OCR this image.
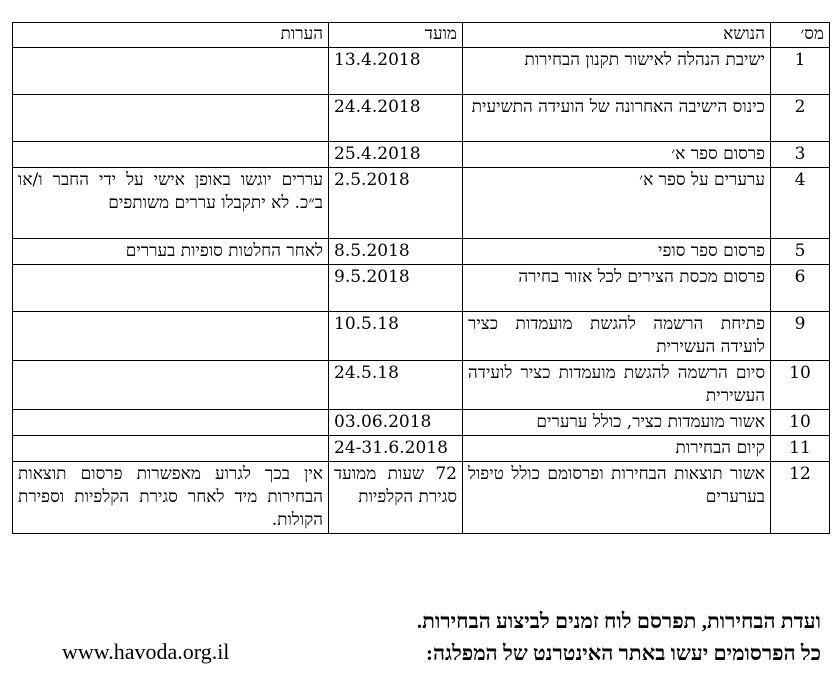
מס׳	הנושא	מועד	הערות
1	ישיבת הנהלה לאישור תקנון הבחירות	13.4.2018	
2	כינוס הישיבה האחרונה של הועידה התשיעית	24.4.2018	
3	פרסום ספר א׳	25.4.2018	
4	ערערים על ספר א׳	2.5.2018	עררים יוגשו באופן אישי על ידי החבר ו/או ב״כ. לא יתקבלו עררים משותפים
5	פרסום ספר סופי	8.5.2018	לאחר החלטות סופיות בעררים
6	פרסום מכסת הצירים לכל אזור בחירה	9.5.2018	
9	פתיחת הרשמה להגשת מועמדות כציר לועידה העשירית	10.5.18	
10	סיום הרשמה להגשת מועמדות כציר לועידה העשירית	24.5.18	
10	אשור מועמדות כציר, כולל ערערים	03.06.2018	
11	קיום הבחירות	24-31.6.2018	
12	אשור תוצאות הבחירות ופרסומם כולל טיפול בערערים	72 שעות ממועד סגירת הקלפיות	אין בכך לגרוע מאפשרות פרסום תוצאות הבחירות מיד לאחר סגירת הקלפיות וספירת הקולות.
ועדת הבחירות, תפרסם לוח זמנים לביצוע הבחירות.
כל הפרסומים יעשו באתר האינטרנט של המפלגה:
www.havoda.org.il
